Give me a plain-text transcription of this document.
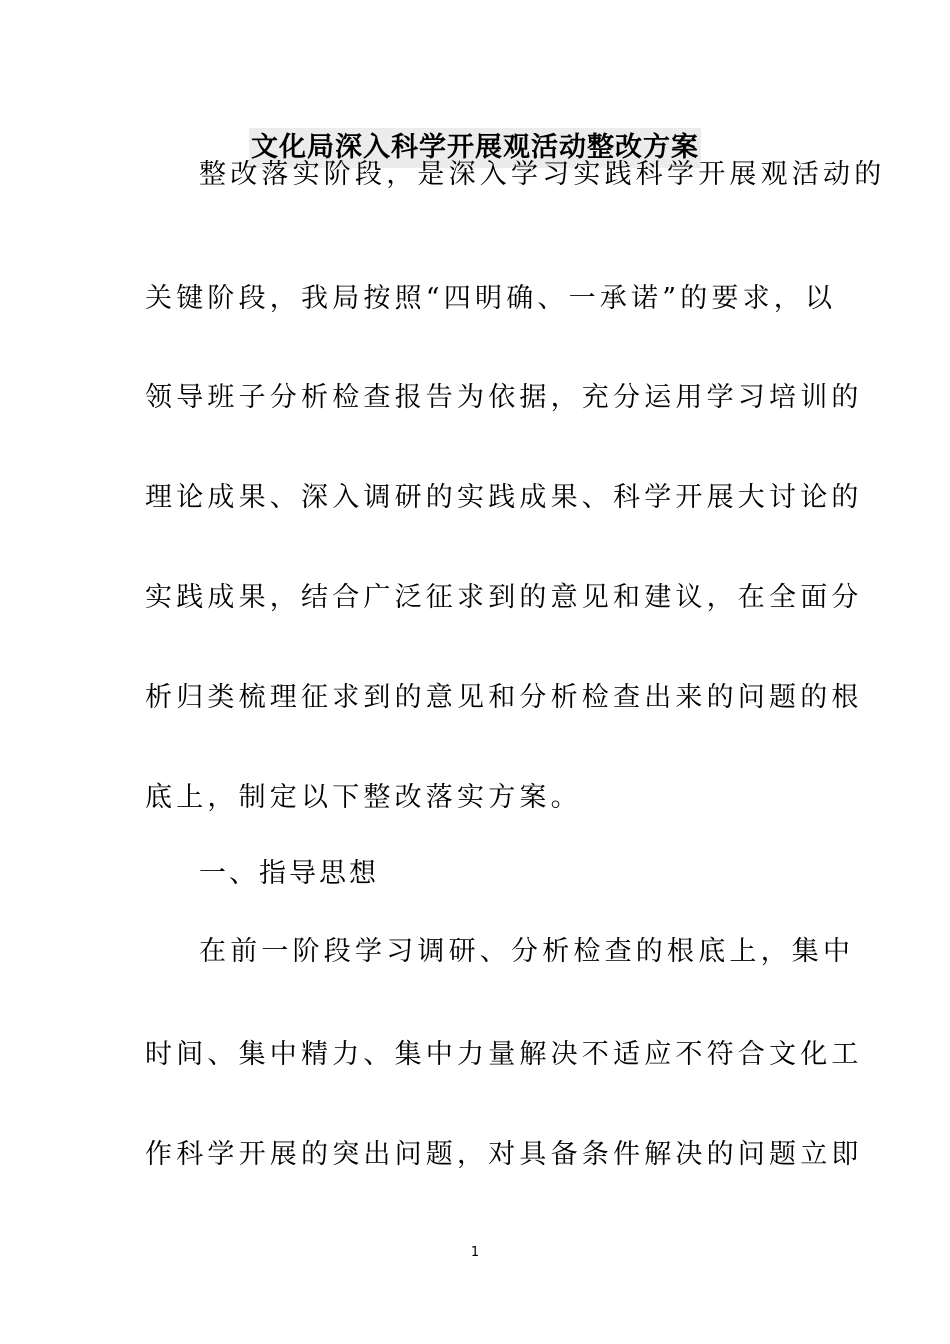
文化局深入科学开展观活动整改方案
整改落实阶段，是深入学习实践科学开展观活动的
关键阶段，我局按照“四明确、一承诺”的要求，以
领导班子分析检查报告为依据，充分运用学习培训的
理论成果、深入调研的实践成果、科学开展大讨论的
实践成果，结合广泛征求到的意见和建议，在全面分
析归类梳理征求到的意见和分析检查出来的问题的根
底上，制定以下整改落实方案。
一、指导思想
在前一阶段学习调研、分析检查的根底上，集中
时间、集中精力、集中力量解决不适应不符合文化工
作科学开展的突出问题，对具备条件解决的问题立即
1
